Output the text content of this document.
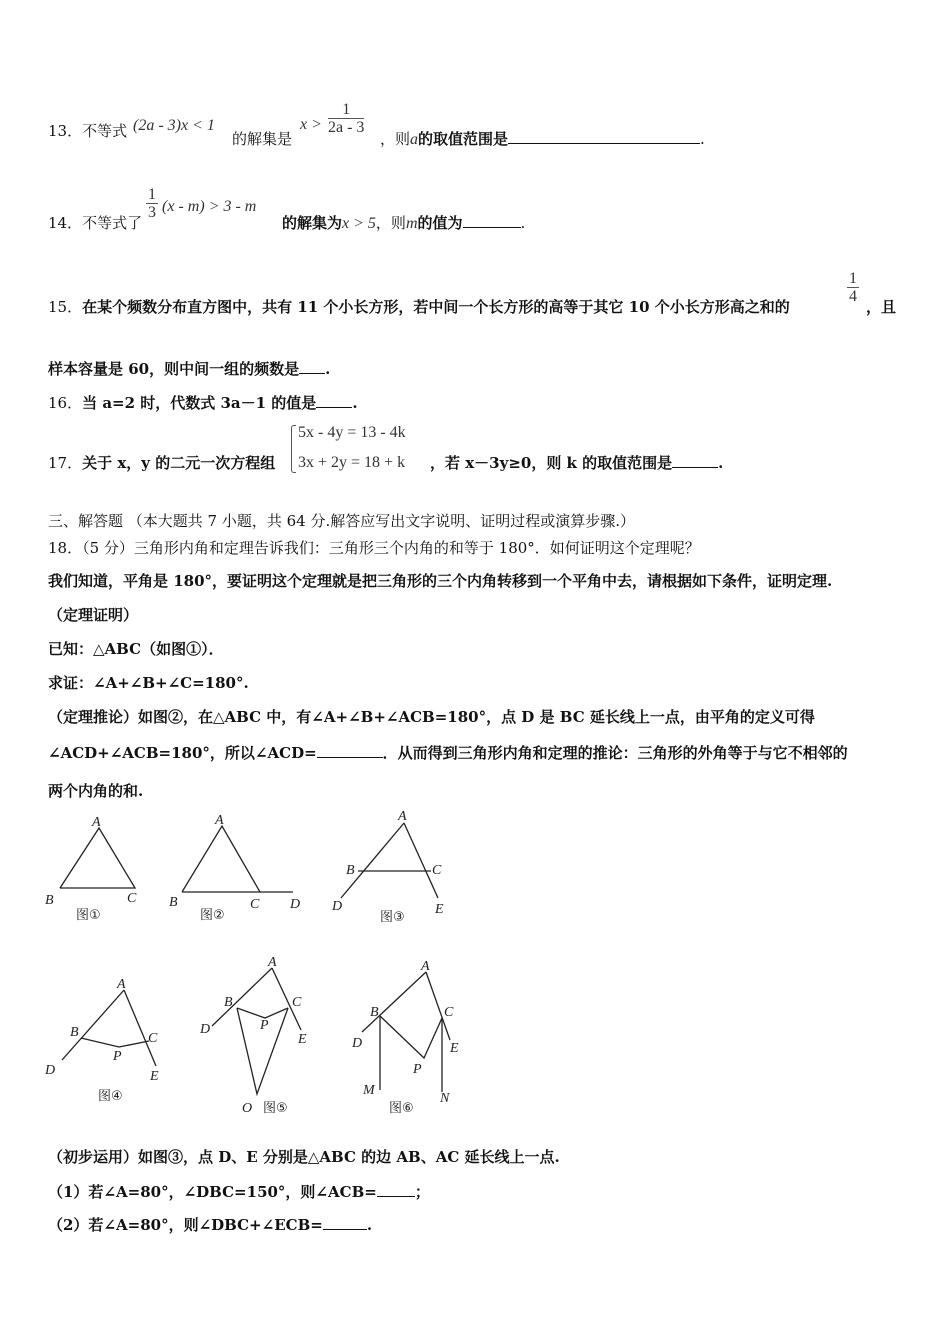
13．不等式 (2a - 3)x < 1
的解集是
$x > \frac{1}{2a - 3}$
，则a的取值范围是	.
14．不等式了
$\frac{1}{3} (x - m) > 3 - m$
的解集为x > 5，则m的值为	.
15．在某个频数分布直方图中，共有 11 个小长方形，若中间一个长方形的高等于其它 10 个小长方形高之和的
$\frac{1}{4}$
，且
样本容量是 60，则中间一组的频数是 .
16．当 a=2 时，代数式 3a－1 的值是 .
17．关于 x，y 的二元一次方程组
5x - 4y = 13 - 4k
3x + 2y = 18 + k ，若 x－3y≥0，则 k 的取值范围是	.
三、解答题 （本大题共 7 小题，共 64 分.解答应写出文字说明、证明过程或演算步骤.）
18．（5 分）三角形内角和定理告诉我们：三角形三个内角的和等于 180°．如何证明这个定理呢？
我们知道，平角是 180°，要证明这个定理就是把三角形的三个内角转移到一个平角中去，请根据如下条件，证明定理.
（定理证明）
已知：△ABC（如图①）．
求证：∠A+∠B+∠C=180°.
（定理推论）如图②，在△ABC 中，有∠A+∠B+∠ACB=180°，点 D 是 BC 延长线上一点，由平角的定义可得
∠ACD+∠ACB=180°，所以∠ACD=	．从而得到三角形内角和定理的推论：三角形的外角等于与它不相邻的
两个内角的和.
A
B	C
图①
A
B	C D
图②
A
B	C
D	E
图③
A
B	C
P
D	E
图④
A
B	C
P
D
E
O 图⑤
A
B	C
D	E
P
M
N
图⑥
（初步运用）如图③，点 D、E 分别是△ABC 的边 AB、AC 延长线上一点.
（1）若∠A=80°，∠DBC=150°，则∠ACB=	；
（2）若∠A=80°，则∠DBC+∠ECB=	.
